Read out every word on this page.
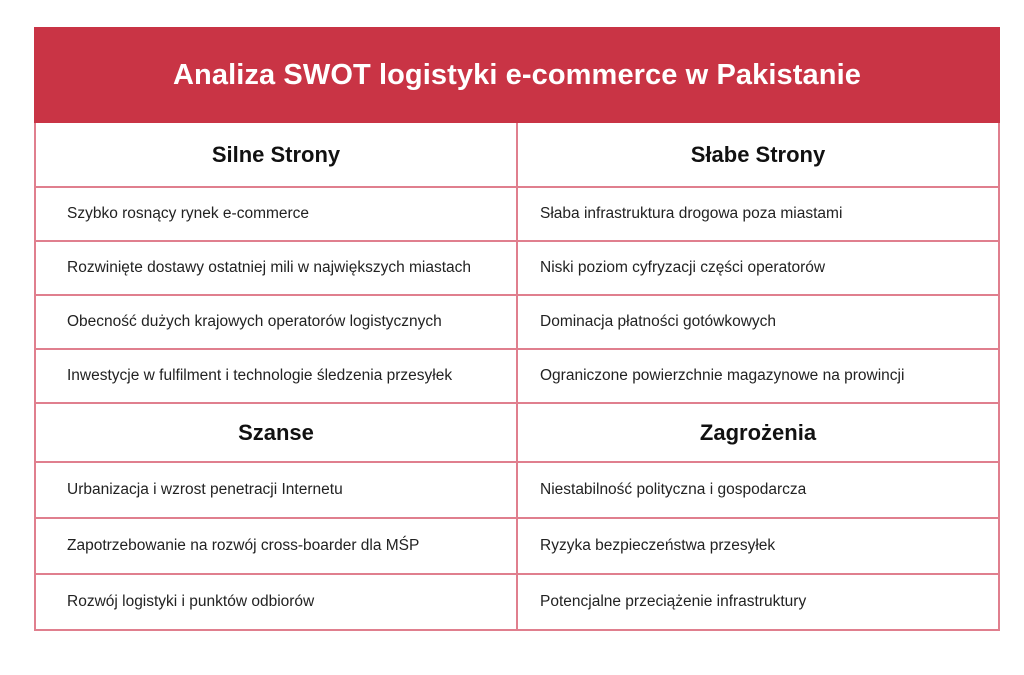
Analiza SWOT logistyki e-commerce w Pakistanie
Silne Strony	Słabe Strony
Szybko rosnący rynek e-commerce	Słaba infrastruktura drogowa poza miastami
Rozwinięte dostawy ostatniej mili w największych miastach	Niski poziom cyfryzacji części operatorów
Obecność dużych krajowych operatorów logistycznych	Dominacja płatności gotówkowych
Inwestycje w fulfilment i technologie śledzenia przesyłek	Ograniczone powierzchnie magazynowe na prowincji
Szanse	Zagrożenia
Urbanizacja i wzrost penetracji Internetu	Niestabilność polityczna i gospodarcza
Zapotrzebowanie na rozwój cross-boarder dla MŚP	Ryzyka bezpieczeństwa przesyłek
Rozwój logistyki i punktów odbiorów	Potencjalne przeciążenie infrastruktury
